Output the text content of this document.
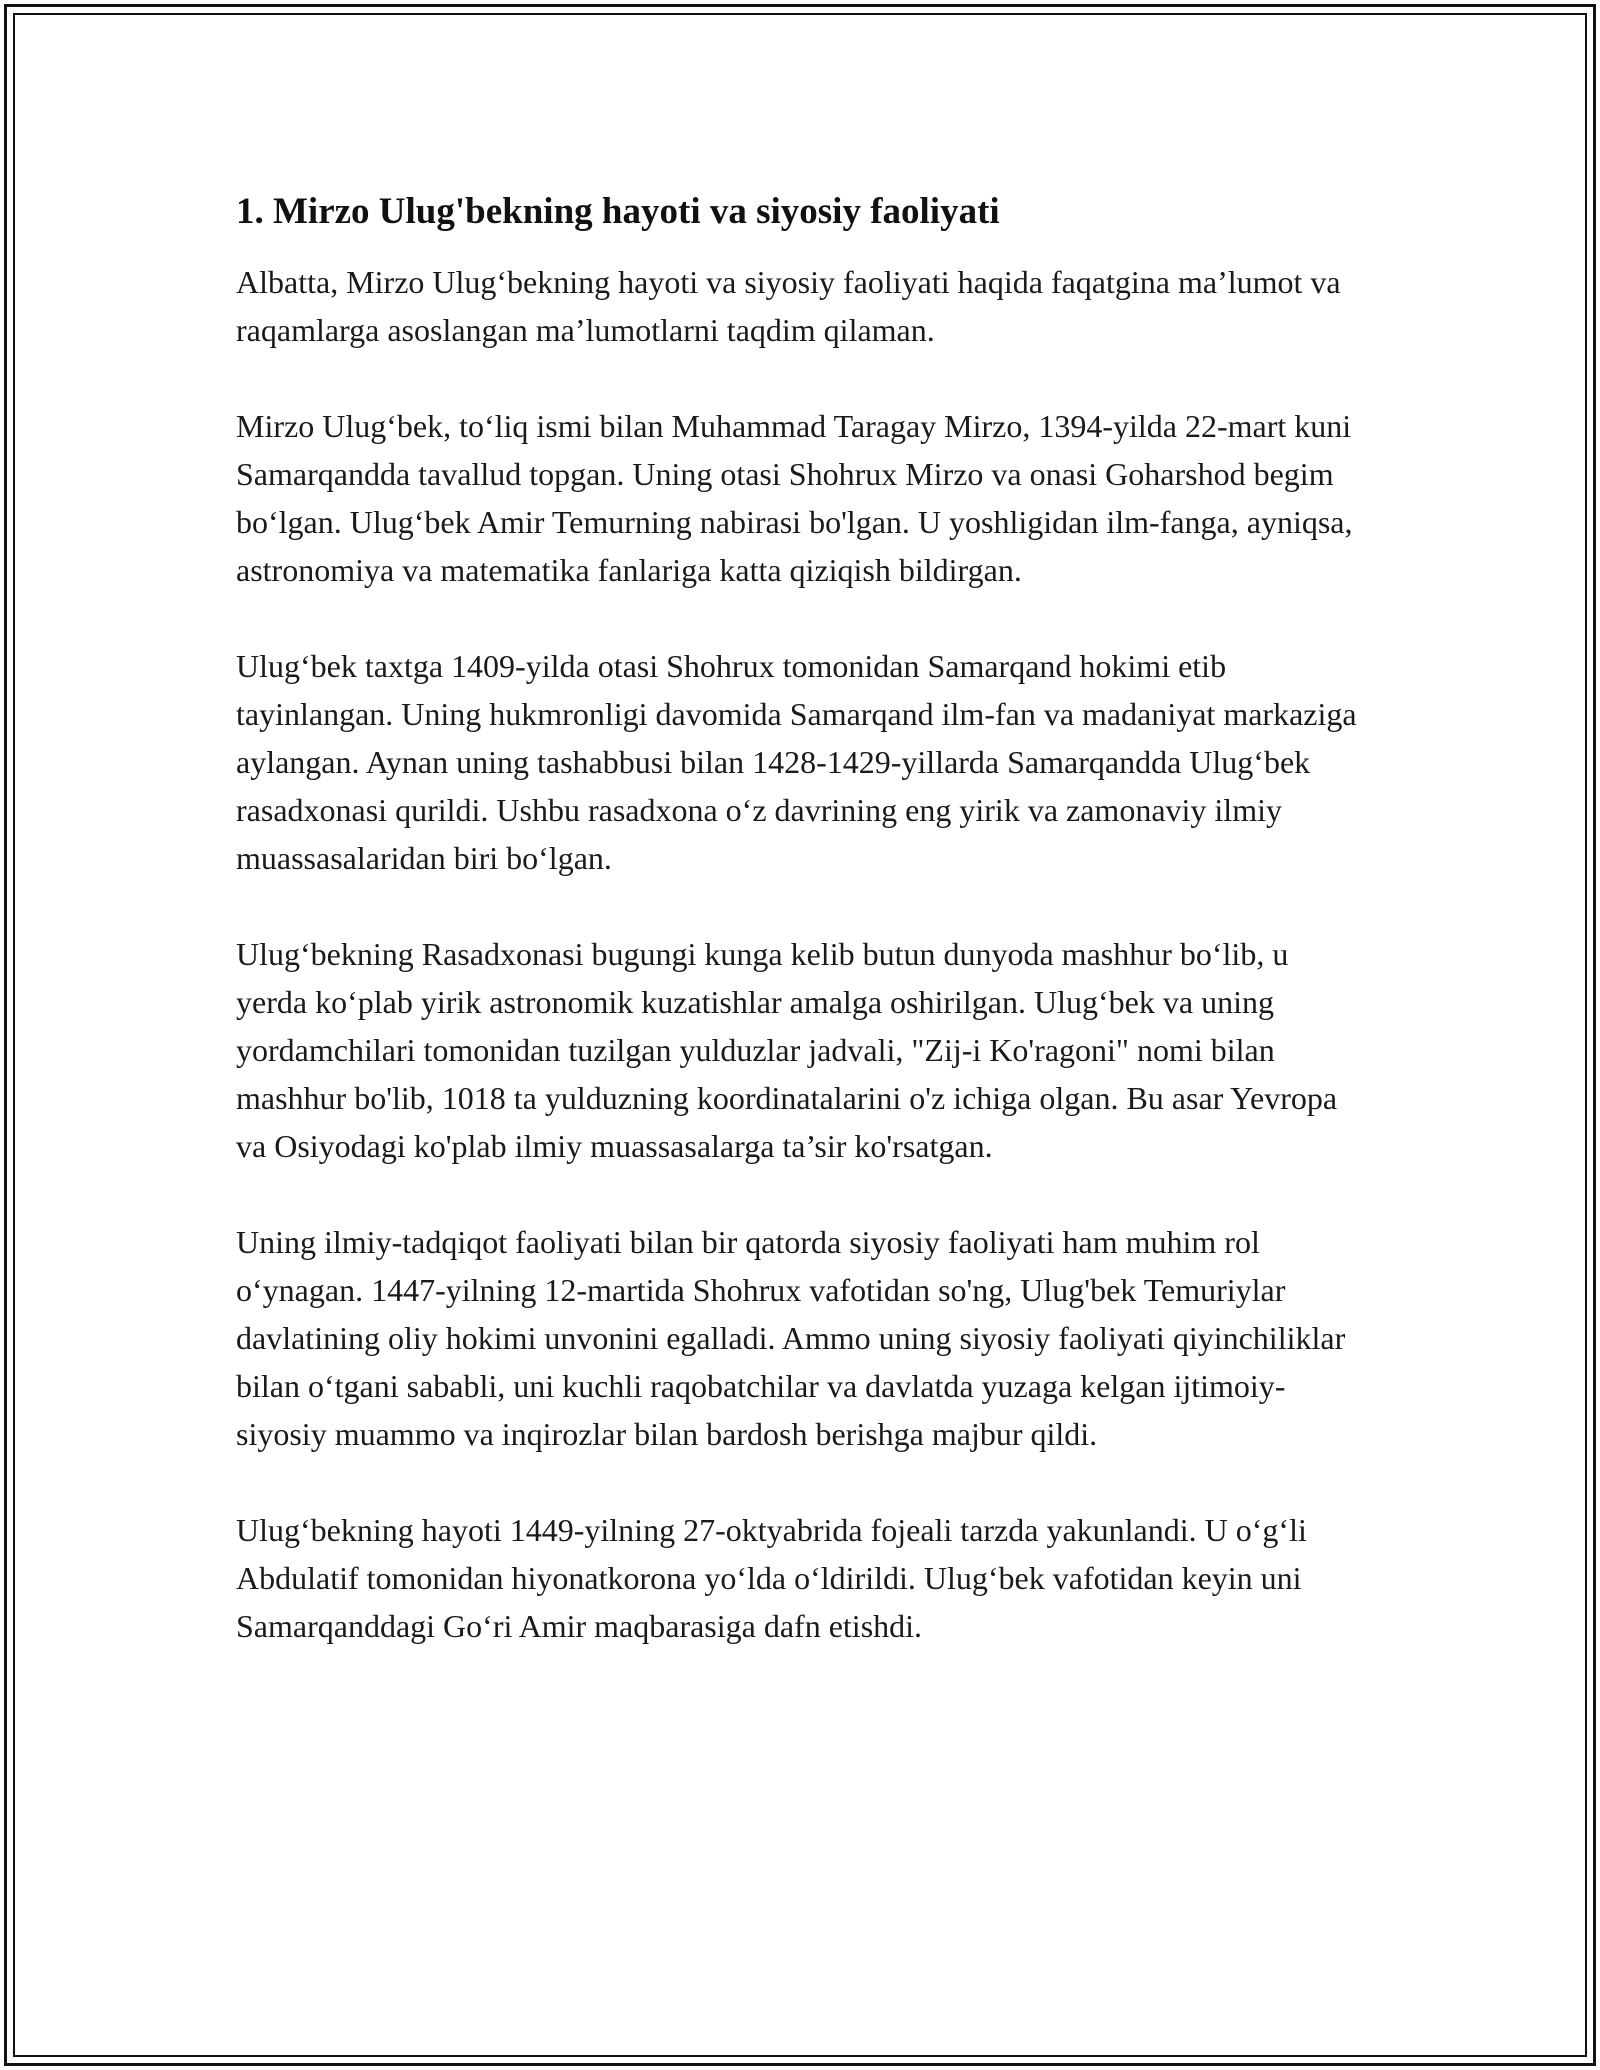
1. Mirzo Ulug'bekning hayoti va siyosiy faoliyati

Albatta, Mirzo Ulug‘bekning hayoti va siyosiy faoliyati haqida faqatgina ma’lumot va raqamlarga asoslangan ma’lumotlarni taqdim qilaman.

Mirzo Ulug‘bek, to‘liq ismi bilan Muhammad Taragay Mirzo, 1394-yilda 22-mart kuni Samarqandda tavallud topgan. Uning otasi Shohrux Mirzo va onasi Goharshod begim bo‘lgan. Ulug‘bek Amir Temurning nabirasi bo'lgan. U yoshligidan ilm-fanga, ayniqsa, astronomiya va matematika fanlariga katta qiziqish bildirgan.

Ulug‘bek taxtga 1409-yilda otasi Shohrux tomonidan Samarqand hokimi etib tayinlangan. Uning hukmronligi davomida Samarqand ilm-fan va madaniyat markaziga aylangan. Aynan uning tashabbusi bilan 1428-1429-yillarda Samarqandda Ulug‘bek rasadxonasi qurildi. Ushbu rasadxona o‘z davrining eng yirik va zamonaviy ilmiy muassasalaridan biri bo‘lgan.

Ulug‘bekning Rasadxonasi bugungi kunga kelib butun dunyoda mashhur bo‘lib, u yerda ko‘plab yirik astronomik kuzatishlar amalga oshirilgan. Ulug‘bek va uning yordamchilari tomonidan tuzilgan yulduzlar jadvali, "Zij-i Ko'ragoni" nomi bilan mashhur bo'lib, 1018 ta yulduzning koordinatalarini o'z ichiga olgan. Bu asar Yevropa va Osiyodagi ko'plab ilmiy muassasalarga ta’sir ko'rsatgan.

Uning ilmiy-tadqiqot faoliyati bilan bir qatorda siyosiy faoliyati ham muhim rol o‘ynagan. 1447-yilning 12-martida Shohrux vafotidan so'ng, Ulug'bek Temuriylar davlatining oliy hokimi unvonini egalladi. Ammo uning siyosiy faoliyati qiyinchiliklar bilan o‘tgani sababli, uni kuchli raqobatchilar va davlatda yuzaga kelgan ijtimoiy-siyosiy muammo va inqirozlar bilan bardosh berishga majbur qildi.

Ulug‘bekning hayoti 1449-yilning 27-oktyabrida fojeali tarzda yakunlandi. U o‘g‘li Abdulatif tomonidan hiyonatkorona yo‘lda o‘ldirildi. Ulug‘bek vafotidan keyin uni Samarqanddagi Go‘ri Amir maqbarasiga dafn etishdi.
